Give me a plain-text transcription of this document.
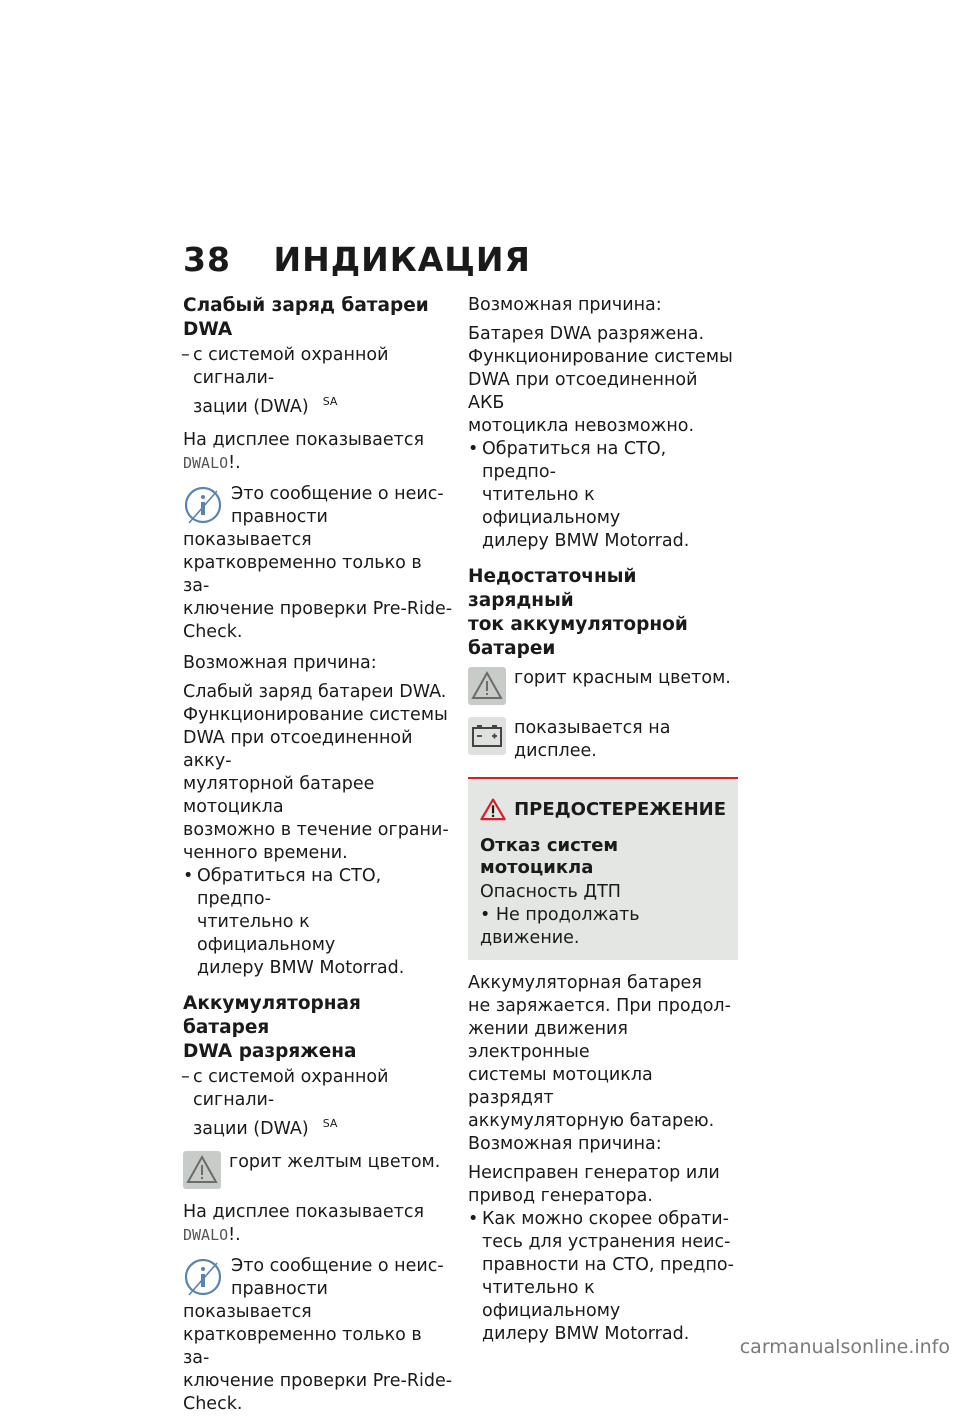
38 ИНДИКАЦИЯ
Слабый заряд батареи DWA
– с системой охранной сигнали-
зации (DWA) $^{SA}$
На дисплее показывается
DWALO!.
Это сообщение о неис-
правности показывается
кратковременно только в за-
ключение проверки Pre-Ride-
Check.
Возможная причина:
Слабый заряд батареи DWA.
Функционирование системы
DWA при отсоединенной акку-
муляторной батарее мотоцикла
возможно в течение ограни-
ченного времени.
• Обратиться на СТО, предпо-
чтительно к официальному
дилеру BMW Motorrad.
Аккумуляторная батарея
DWA разряжена
– с системой охранной сигнали-
зации (DWA) $^{SA}$
горит желтым цветом.
На дисплее показывается
DWALO!.
Это сообщение о неис-
правности показывается
кратковременно только в за-
ключение проверки Pre-Ride-
Check.
Возможная причина:
Батарея DWA разряжена.
Функционирование системы
DWA при отсоединенной АКБ
мотоцикла невозможно.
• Обратиться на СТО, предпо-
чтительно к официальному
дилеру BMW Motorrad.
Недостаточный зарядный
ток аккумуляторной
батареи
горит красным цветом.
показывается на дисплее.
ПРЕДОСТЕРЕЖЕНИЕ
Отказ систем мотоцикла
Опасность ДТП
• Не продолжать движение.
Аккумуляторная батарея
не заряжается. При продол-
жении движения электронные
системы мотоцикла разрядят
аккумуляторную батарею.
Возможная причина:
Неисправен генератор или
привод генератора.
• Как можно скорее обрати-
тесь для устранения неис-
правности на СТО, предпо-
чтительно к официальному
дилеру BMW Motorrad.
carmanualsonline.info
